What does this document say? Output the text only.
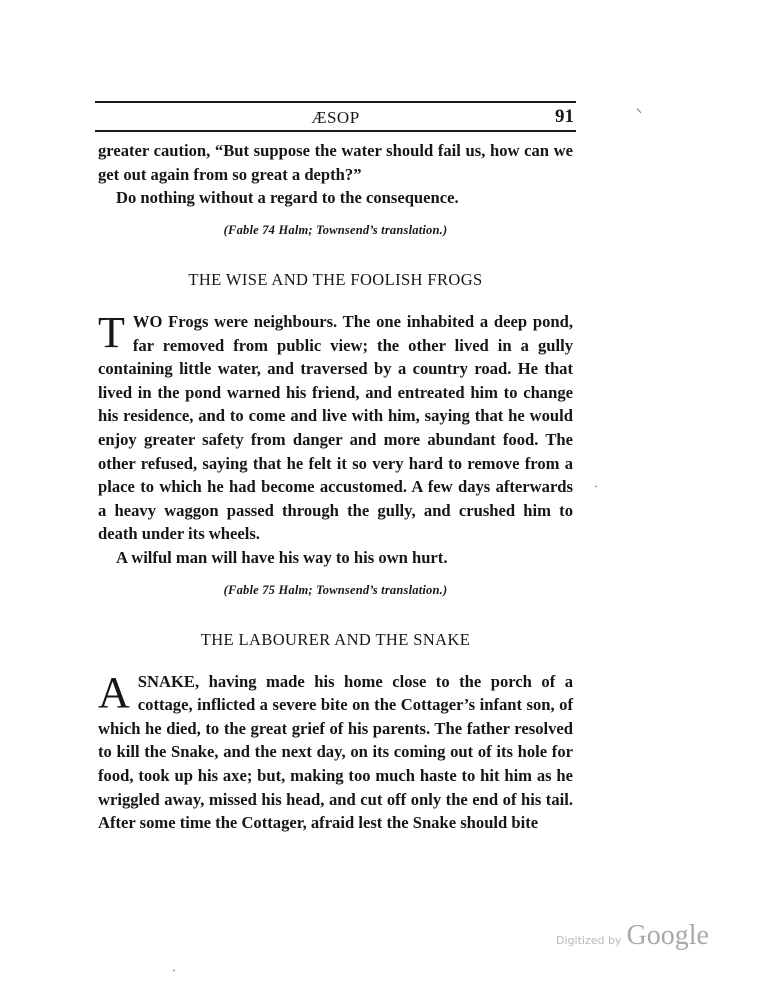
ÆSOP	91

greater caution, “But suppose the water should fail us, how can we get out again from so great a depth?”

Do nothing without a regard to the consequence.

(Fable 74 Halm; Townsend’s translation.)

THE WISE AND THE FOOLISH FROGS

TWO Frogs were neighbours. The one inhabited a deep pond, far removed from public view; the other lived in a gully containing little water, and traversed by a country road. He that lived in the pond warned his friend, and entreated him to change his residence, and to come and live with him, saying that he would enjoy greater safety from danger and more abundant food. The other refused, saying that he felt it so very hard to remove from a place to which he had become accustomed. A few days afterwards a heavy waggon passed through the gully, and crushed him to death under its wheels.

A wilful man will have his way to his own hurt.

(Fable 75 Halm; Townsend’s translation.)

THE LABOURER AND THE SNAKE

ASNAKE, having made his home close to the porch of a cottage, inflicted a severe bite on the Cottager’s infant son, of which he died, to the great grief of his parents. The father resolved to kill the Snake, and the next day, on its coming out of its hole for food, took up his axe; but, making too much haste to hit him as he wriggled away, missed his head, and cut off only the end of his tail. After some time the Cottager, afraid lest the Snake should bite

⸌
ˏ
ˏ
Digitized by Google
